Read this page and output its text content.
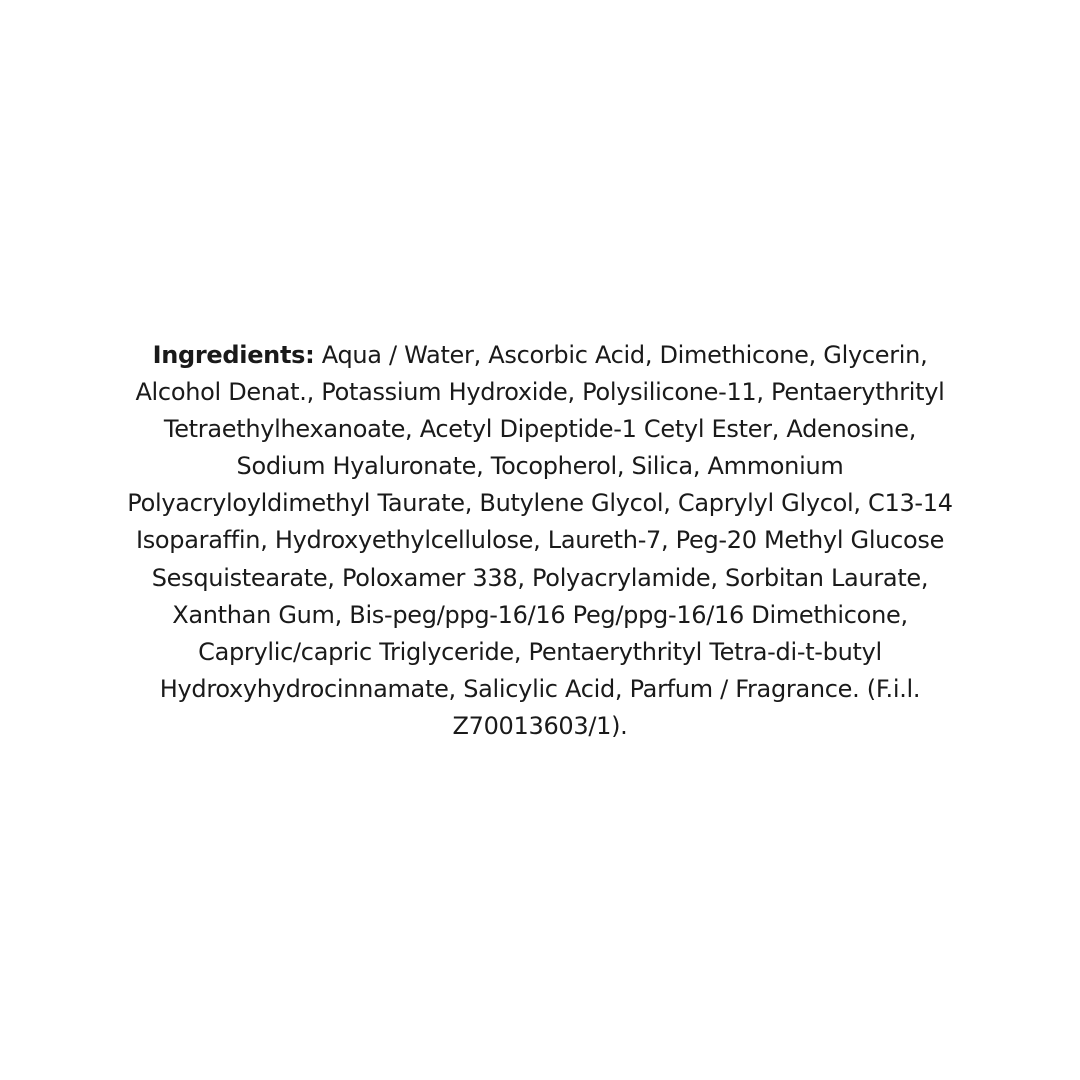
Ingredients: Aqua / Water, Ascorbic Acid, Dimethicone, Glycerin,
Alcohol Denat., Potassium Hydroxide, Polysilicone-11, Pentaerythrityl
Tetraethylhexanoate, Acetyl Dipeptide-1 Cetyl Ester, Adenosine,
Sodium Hyaluronate, Tocopherol, Silica, Ammonium
Polyacryloyldimethyl Taurate, Butylene Glycol, Caprylyl Glycol, C13-14
Isoparaffin, Hydroxyethylcellulose, Laureth-7, Peg-20 Methyl Glucose
Sesquistearate, Poloxamer 338, Polyacrylamide, Sorbitan Laurate,
Xanthan Gum, Bis-peg/ppg-16/16 Peg/ppg-16/16 Dimethicone,
Caprylic/capric Triglyceride, Pentaerythrityl Tetra-di-t-butyl
Hydroxyhydrocinnamate, Salicylic Acid, Parfum / Fragrance. (F.i.l.
Z70013603/1).
